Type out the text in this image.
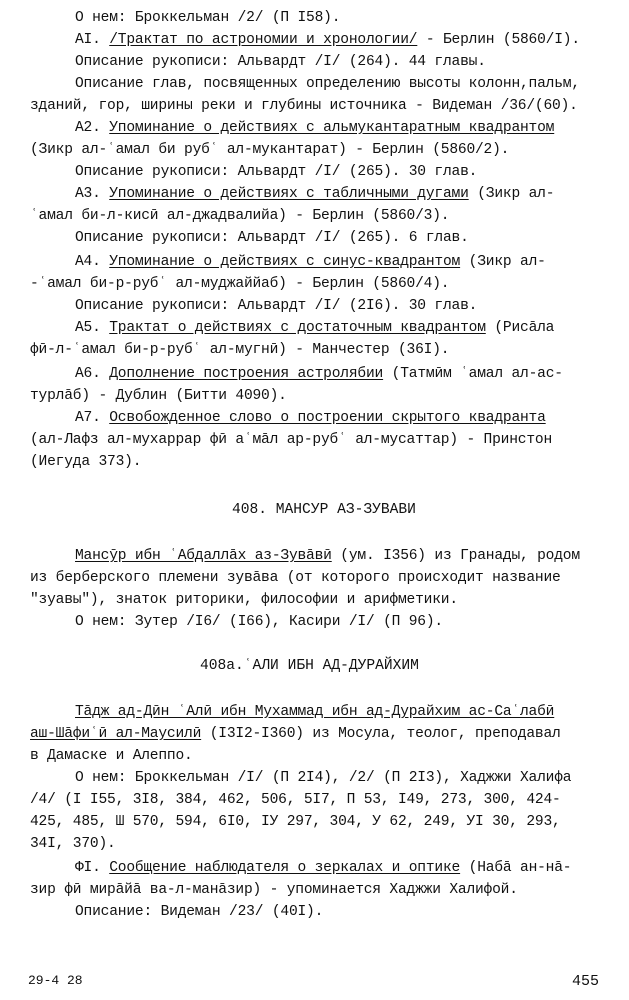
О нем: Броккельман /2/ (П I58).
AI. /Трактат по астрономии и хронологии/ - Берлин (5860/I).
Описание рукописи: Альвардт /I/ (264). 44 главы.
Описание глав, посвященных определению высоты колонн,пальм,
зданий, гор, ширины реки и глубины источника - Видеман /36/(60).
А2. Упоминание о действиях с альмукантаратным квадрантом
(Зикр ал-ʿамал би рубʿ ал-мукантарат) - Берлин (5860/2).
Описание рукописи: Альвардт /I/ (265). 30 глав.
А3. Упоминание о действиях с табличными дугами (Зикр ал-
ʿамал би-л-кисӣ ал-джадвалийа) - Берлин (5860/3).
Описание рукописи: Альвардт /I/ (265). 6 глав.
А4. Упоминание о действиях с синус-квадрантом (Зикр ал-
-ʿамал би-р-рубʿ ал-муджаййаб) - Берлин (5860/4).
Описание рукописи: Альвардт /I/ (2I6). 30 глав.
А5. Трактат о действиях с достаточным квадрантом (Рисāла
фӣ-л-ʿамал би-р-рубʿ ал-мугнӣ) - Манчестер (36I).
А6. Дополнение построения астролябии (Татмӣм ʿамал ал-ас-
турлāб) - Дублин (Битти 4090).
А7. Освобожденное слово о построении скрытого квадранта
(ал-Лафз ал-мухаррар фӣ аʿмāл ар-рубʿ ал-мусаттар) - Принстон
(Иегуда 373).
408. МАНСУР АЗ-ЗУВАВИ
Мансӯр ибн ʿАбдаллāх аз-Зувāвӣ (ум. I356) из Гранады, родом
из берберского племени зувāва (от которого происходит название
"зуавы"), знаток риторики, философии и арифметики.
О нем: Зутер /I6/ (I66), Касири /I/ (П 96).
408а.ʿАЛИ ИБН АД-ДУРАЙХИМ
Тāдж ад-Дӣн ʿАлӣ ибн Мухаммад ибн ад-Дурайхим ас-Саʿлабӣ
аш-Шāфиʿӣ ал-Маусилӣ (I3I2-I360) из Мосула, теолог, преподавал
в Дамаске и Алеппо.
О нем: Броккельман /I/ (П 2I4), /2/ (П 2I3), Хаджжи Халифа
/4/ (I I55, 3I8, 384, 462, 506, 5I7, П 53, I49, 273, 300, 424-
425, 485, Ш 570, 594, 6I0, IУ 297, 304, У 62, 249, УI 30, 293,
34I, 370).
ФI. Сообщение наблюдателя о зеркалах и оптике (Набā ан-нā-
зир фӣ мирāйā ва-л-манāзир) - упоминается Хаджжи Халифой.
Описание: Видеман /23/ (40I).
29-4 28	455
